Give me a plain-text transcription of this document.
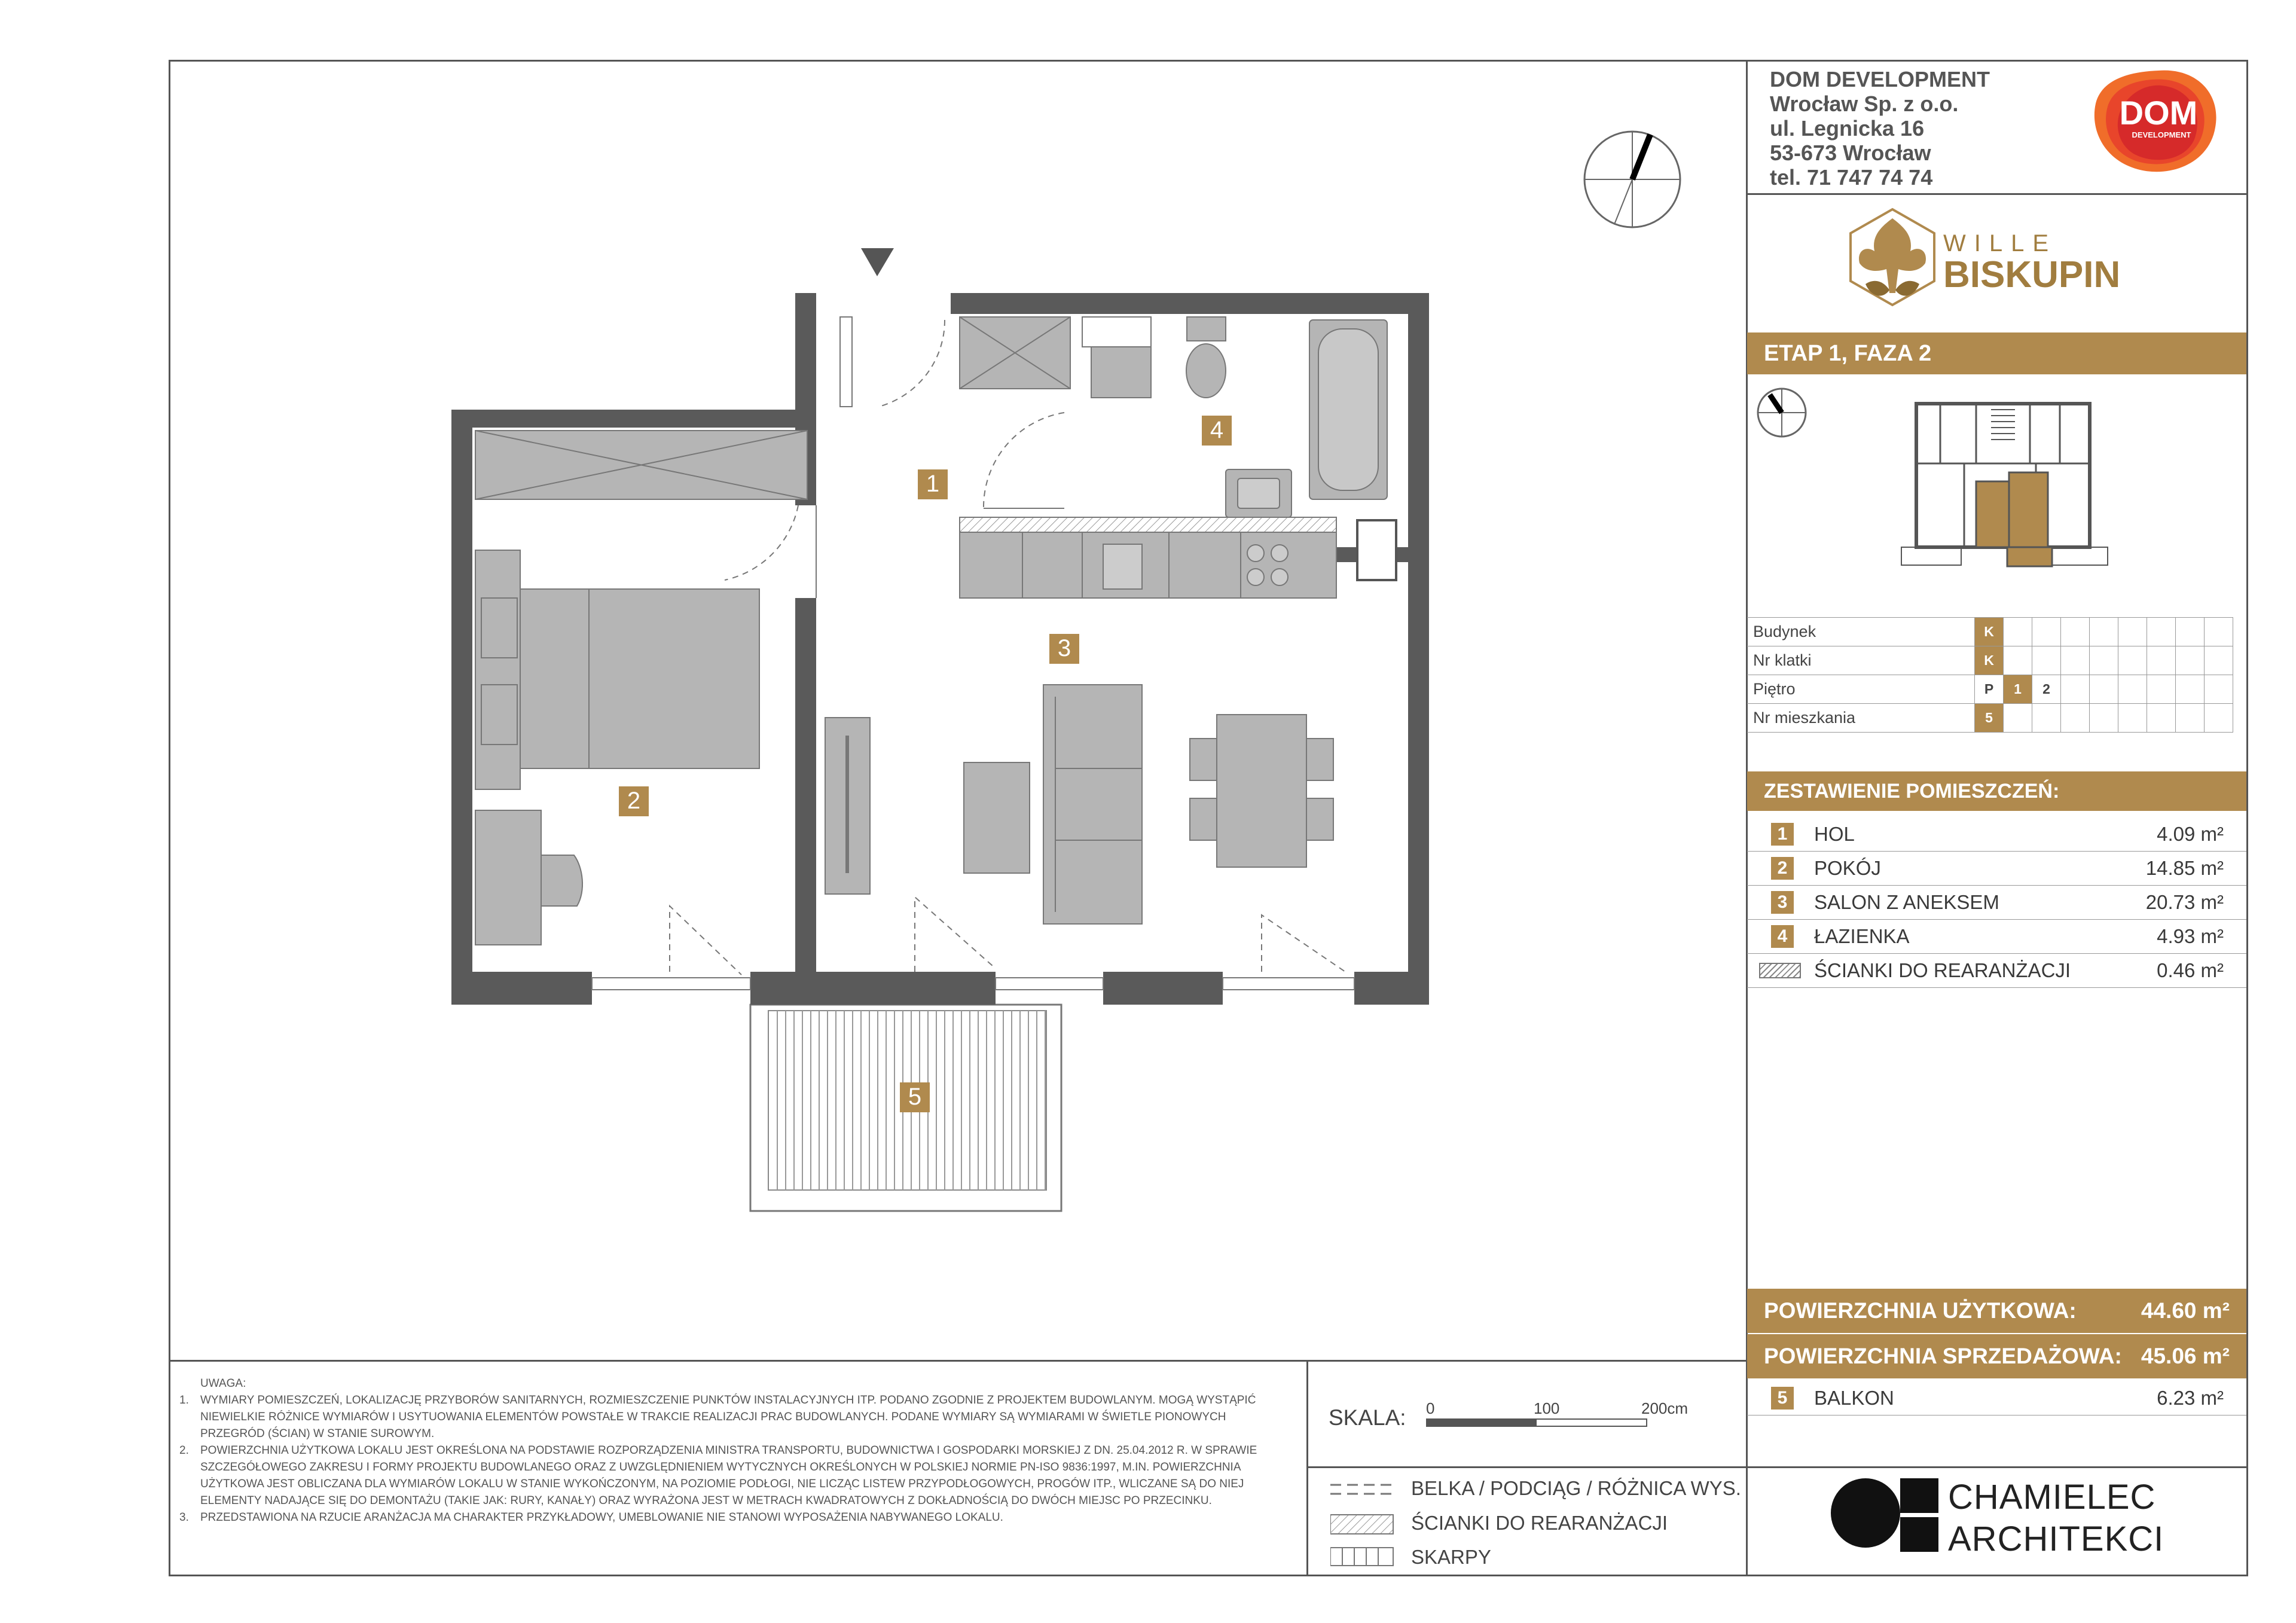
DOM DEVELOPMENT
Wrocław Sp. z o.o.
ul. Legnicka 16
53-673 Wrocław
tel. 71 747 74 74
DOM
DEVELOPMENT
WILLE
BISKUPIN
ETAP 1, FAZA 2
Budynek	K								
Nr klatki	K								
Piętro	P	1	2						
Nr mieszkania	5								
ZESTAWIENIE POMIESZCZEŃ:
1	HOL	4.09 m²
2	POKÓJ	14.85 m²
3	SALON Z ANEKSEM	20.73 m²
4	ŁAZIENKA	4.93 m²
ŚCIANKI DO REARANŻACJI	0.46 m²
POWIERZCHNIA UŻYTKOWA:	44.60 m²
POWIERZCHNIA SPRZEDAŻOWA: 45.06 m²
5	BALKON	6.23 m²
1
2
3
4
5
UWAGA:
1. WYMIARY POMIESZCZEŃ, LOKALIZACJĘ PRZYBORÓW SANITARNYCH, ROZMIESZCZENIE PUNKTÓW INSTALACYJNYCH ITP. PODANO ZGODNIE Z PROJEKTEM BUDOWLANYM. MOGĄ WYSTĄPIĆ NIEWIELKIE RÓŻNICE WYMIARÓW I USYTUOWANIA ELEMENTÓW POWSTAŁE W TRAKCIE REALIZACJI PRAC BUDOWLANYCH. PODANE WYMIARY SĄ WYMIARAMI W ŚWIETLE PIONOWYCH PRZEGRÓD (ŚCIAN) W STANIE SUROWYM.
2. POWIERZCHNIA UŻYTKOWA LOKALU JEST OKREŚLONA NA PODSTAWIE ROZPORZĄDZENIA MINISTRA TRANSPORTU, BUDOWNICTWA I GOSPODARKI MORSKIEJ Z DN. 25.04.2012 R. W SPRAWIE SZCZEGÓŁOWEGO ZAKRESU I FORMY PROJEKTU BUDOWLANEGO ORAZ Z UWZGLĘDNIENIEM WYTYCZNYCH OKREŚLONYCH W POLSKIEJ NORMIE PN-ISO 9836:1997, M.IN. POWIERZCHNIA UŻYTKOWA JEST OBLICZANA DLA WYMIARÓW LOKALU W STANIE WYKOŃCZONYM, NA POZIOMIE PODŁOGI, NIE LICZĄC LISTEW PRZYPODŁOGOWYCH, PROGÓW ITP., WLICZANE SĄ DO NIEJ ELEMENTY NADAJĄCE SIĘ DO DEMONTAŻU (TAKIE JAK: RURY, KANAŁY) ORAZ WYRAŻONA JEST W METRACH KWADRATOWYCH Z DOKŁADNOŚCIĄ DO DWÓCH MIEJSC PO PRZECINKU.
3. PRZEDSTAWIONA NA RZUCIE ARANŻACJA MA CHARAKTER PRZYKŁADOWY, UMEBLOWANIE NIE STANOWI WYPOSAŻENIA NABYWANEGO LOKALU.
SKALA: 0	100	200cm
BELKA / PODCIĄG / RÓŻNICA WYS.
ŚCIANKI DO REARANŻACJI
SKARPY
CHAMIELEC
ARCHITEKCI
